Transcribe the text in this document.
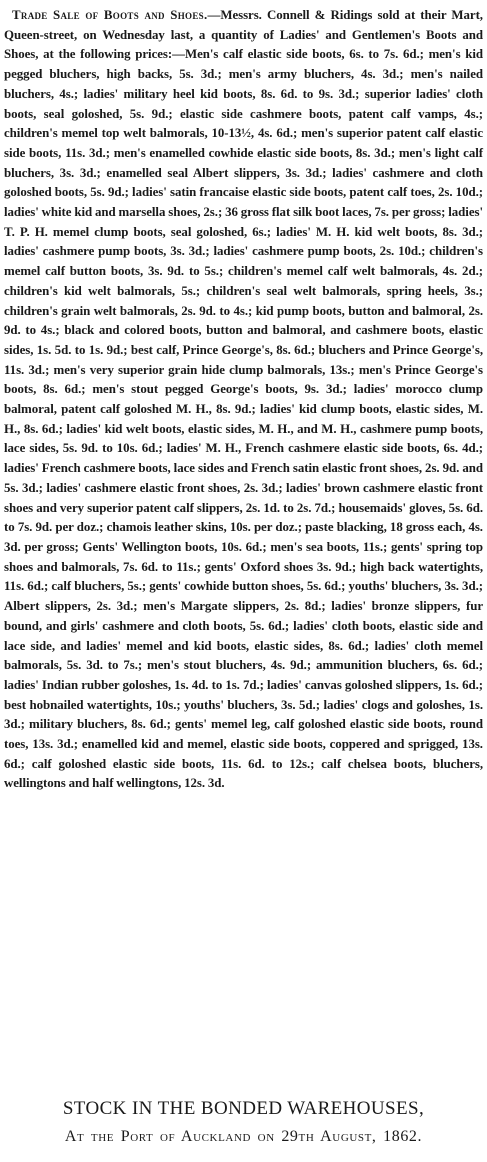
Trade Sale of Boots and Shoes.—Messrs. Connell & Ridings sold at their Mart, Queen-street, on Wednesday last, a quantity of Ladies' and Gentlemen's Boots and Shoes, at the following prices:—Men's calf elastic side boots, 6s. to 7s. 6d.; men's kid pegged bluchers, high backs, 5s. 3d.; men's army bluchers, 4s. 3d.; men's nailed bluchers, 4s.; ladies' military heel kid boots, 8s. 6d. to 9s. 3d.; superior ladies' cloth boots, seal goloshed, 5s. 9d.; elastic side cashmere boots, patent calf vamps, 4s.; children's memel top welt balmorals, 10-13½, 4s. 6d.; men's superior patent calf elastic side boots, 11s. 3d.; men's enamelled cowhide elastic side boots, 8s. 3d.; men's light calf bluchers, 3s. 3d.; enamelled seal Albert slippers, 3s. 3d.; ladies' cashmere and cloth goloshed boots, 5s. 9d.; ladies' satin francaise elastic side boots, patent calf toes, 2s. 10d.; ladies' white kid and marsella shoes, 2s.; 36 gross flat silk boot laces, 7s. per gross; ladies' T. P. H. memel clump boots, seal goloshed, 6s.; ladies' M. H. kid welt boots, 8s. 3d.; ladies' cashmere pump boots, 3s. 3d.; ladies' cashmere pump boots, 2s. 10d.; children's memel calf button boots, 3s. 9d. to 5s.; children's memel calf welt balmorals, 4s. 2d.; children's kid welt balmorals, 5s.; children's seal welt balmorals, spring heels, 3s.; children's grain welt balmorals, 2s. 9d. to 4s.; kid pump boots, button and balmoral, 2s. 9d. to 4s.; black and colored boots, button and balmoral, and cashmere boots, elastic sides, 1s. 5d. to 1s. 9d.; best calf, Prince George's, 8s. 6d.; bluchers and Prince George's, 11s. 3d.; men's very superior grain hide clump balmorals, 13s.; men's Prince George's boots, 8s. 6d.; men's stout pegged George's boots, 9s. 3d.; ladies' morocco clump balmoral, patent calf goloshed M. H., 8s. 9d.; ladies' kid clump boots, elastic sides, M. H., 8s. 6d.; ladies' kid welt boots, elastic sides, M. H., and M. H., cashmere pump boots, lace sides, 5s. 9d. to 10s. 6d.; ladies' M. H., French cashmere elastic side boots, 6s. 4d.; ladies' French cashmere boots, lace sides and French satin elastic front shoes, 2s. 9d. and 5s. 3d.; ladies' cashmere elastic front shoes, 2s. 3d.; ladies' brown cashmere elastic front shoes and very superior patent calf slippers, 2s. 1d. to 2s. 7d.; housemaids' gloves, 5s. 6d. to 7s. 9d. per doz.; chamois leather skins, 10s. per doz.; paste blacking, 18 gross each, 4s. 3d. per gross; Gents' Wellington boots, 10s. 6d.; men's sea boots, 11s.; gents' spring top shoes and balmorals, 7s. 6d. to 11s.; gents' Oxford shoes 3s. 9d.; high back watertights, 11s. 6d.; calf bluchers, 5s.; gents' cowhide button shoes, 5s. 6d.; youths' bluchers, 3s. 3d.; Albert slippers, 2s. 3d.; men's Margate slippers, 2s. 8d.; ladies' bronze slippers, fur bound, and girls' cashmere and cloth boots, 5s. 6d.; ladies' cloth boots, elastic side and lace side, and ladies' memel and kid boots, elastic sides, 8s. 6d.; ladies' cloth memel balmorals, 5s. 3d. to 7s.; men's stout bluchers, 4s. 9d.; ammunition bluchers, 6s. 6d.; ladies' Indian rubber goloshes, 1s. 4d. to 1s. 7d.; ladies' canvas goloshed slippers, 1s. 6d.; best hobnailed watertights, 10s.; youths' bluchers, 3s. 5d.; ladies' clogs and goloshes, 1s. 3d.; military bluchers, 8s. 6d.; gents' memel leg, calf goloshed elastic side boots, round toes, 13s. 3d.; enamelled kid and memel, elastic side boots, coppered and sprigged, 13s. 6d.; calf goloshed elastic side boots, 11s. 6d. to 12s.; calf chelsea boots, bluchers, wellingtons and half wellingtons, 12s. 3d.

STOCK IN THE BONDED WAREHOUSES,
At the Port of Auckland on 29th August, 1862.
